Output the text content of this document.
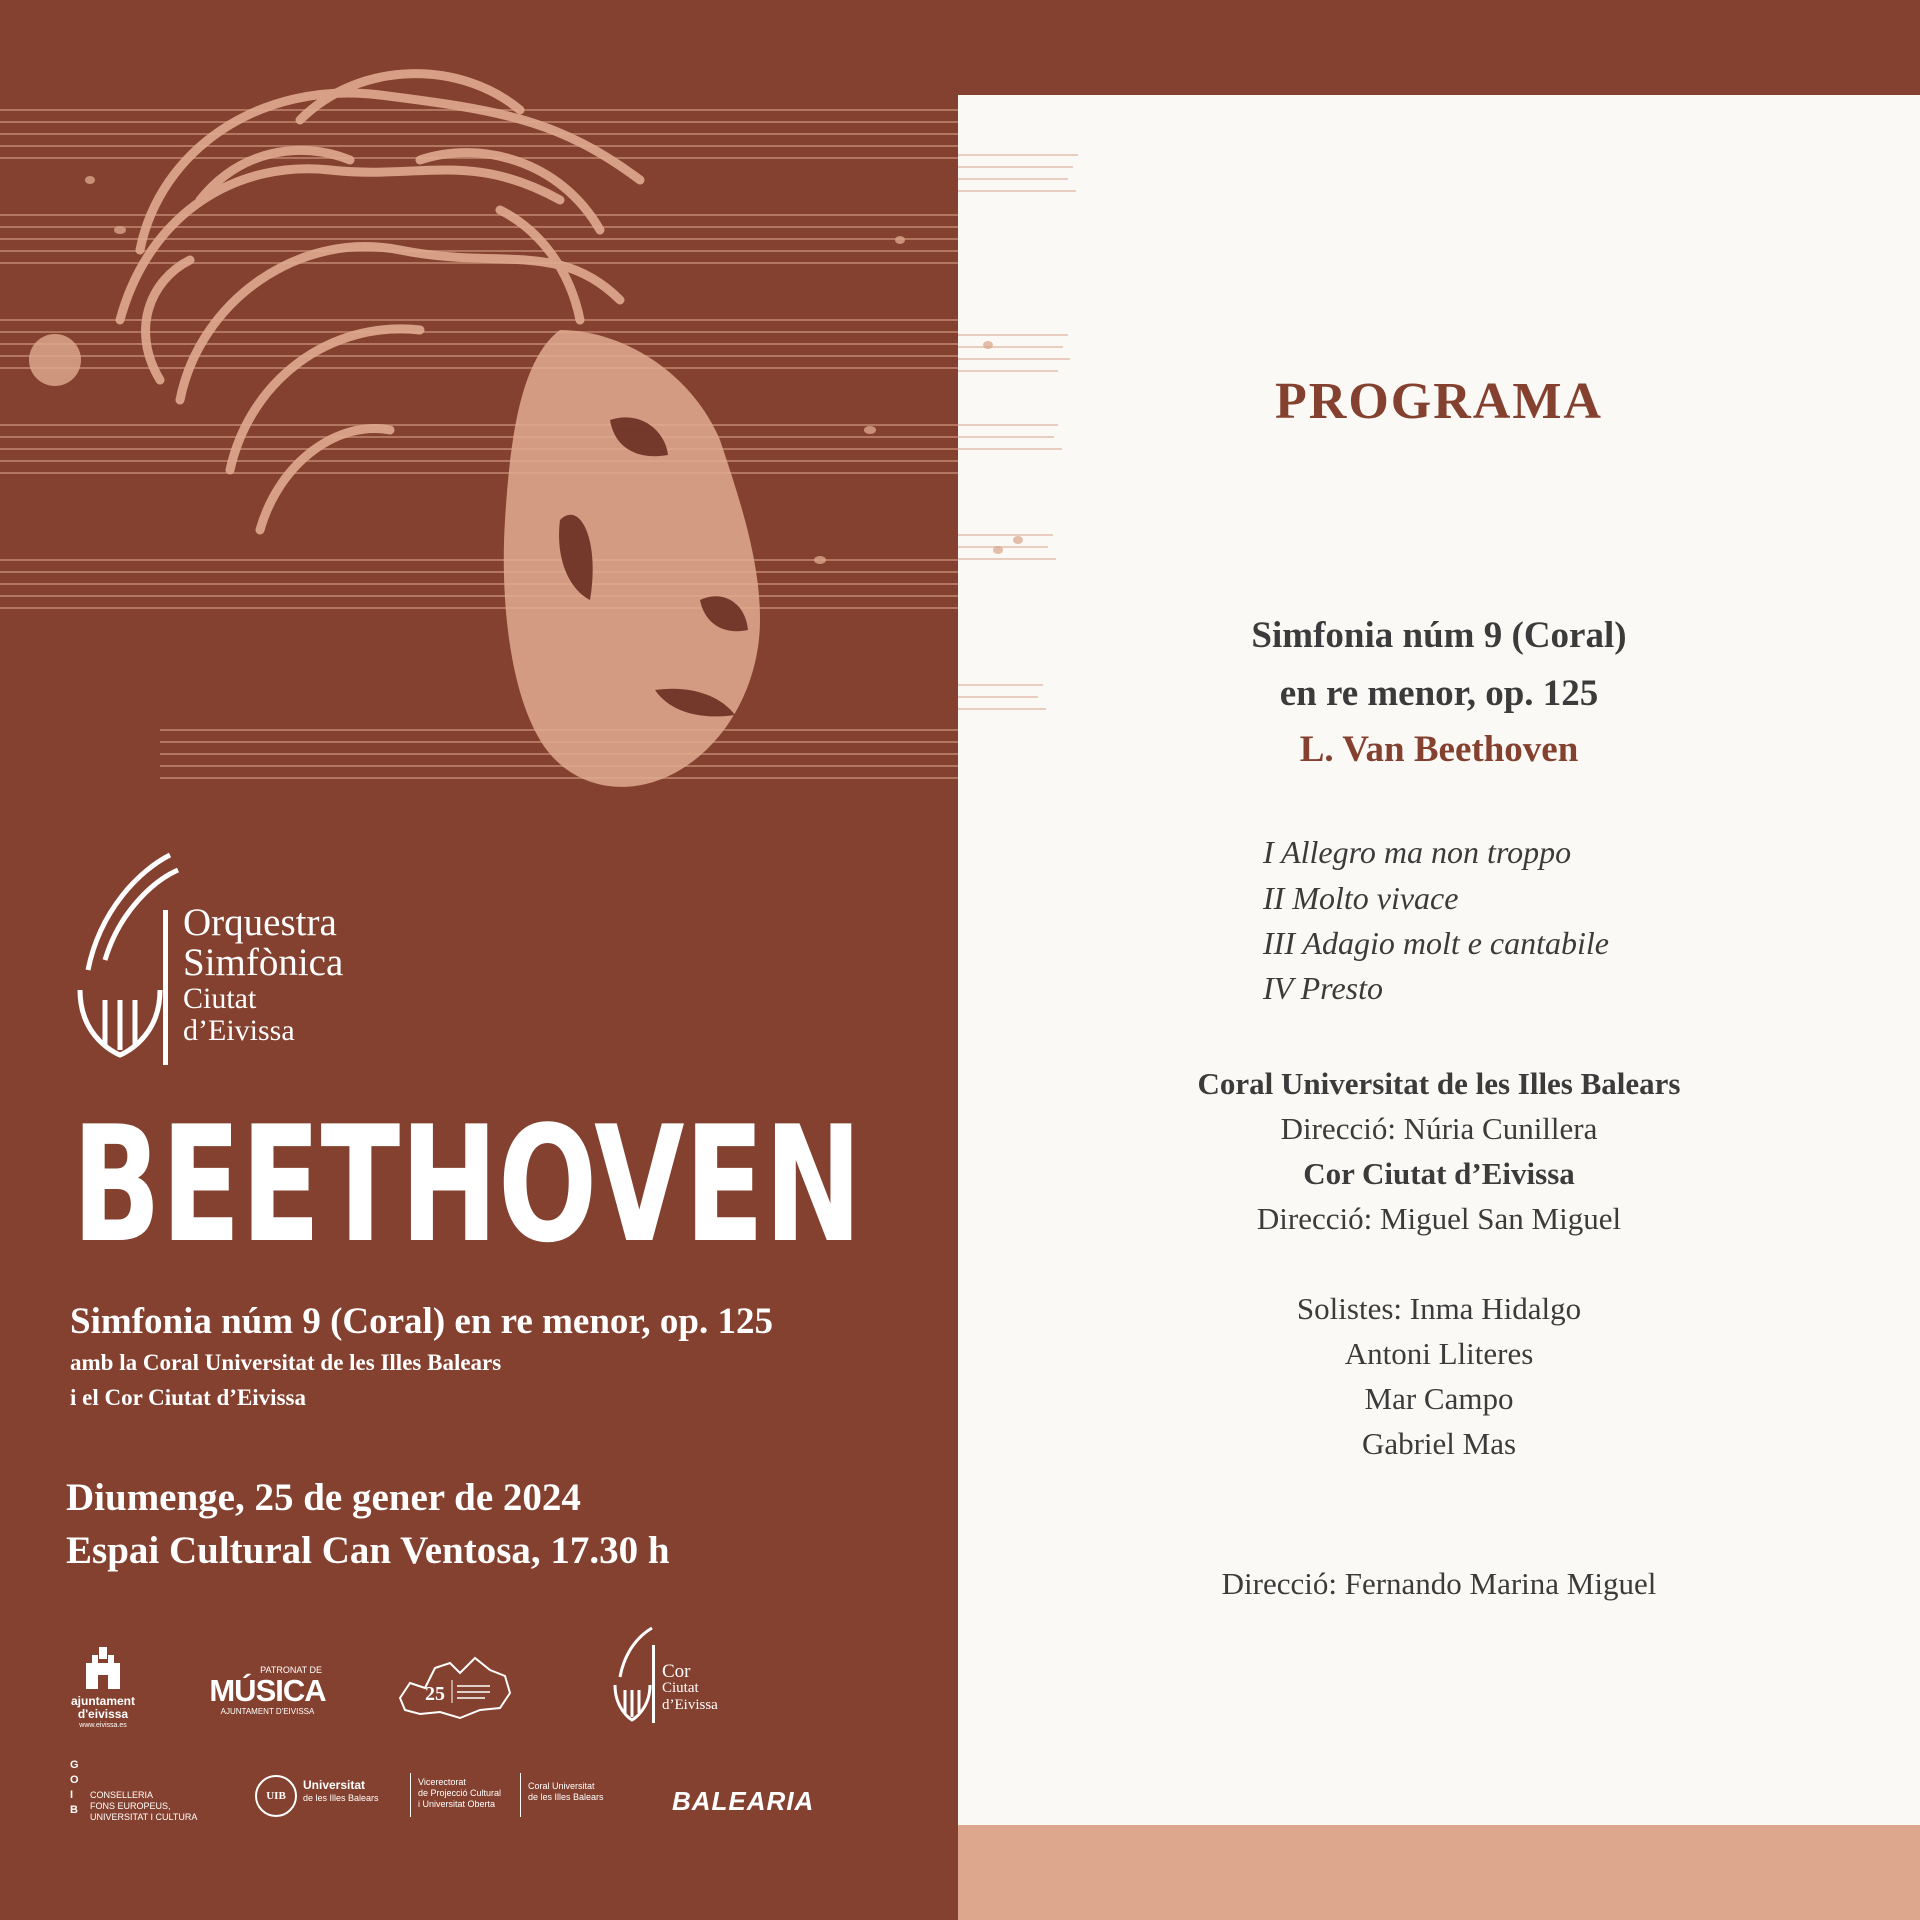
Orquestra
Simfònica
Ciutat
d’Eivissa
BEETHOVEN
Simfonia núm 9 (Coral) en re menor, op. 125
amb la Coral Universitat de les Illes Balears
i el Cor Ciutat d’Eivissa
Diumenge, 25 de gener de 2024
Espai Cultural Can Ventosa, 17.30 h
ajuntament
d'eivissa
www.eivissa.es
PATRONAT DE
MÚSICA
AJUNTAMENT D'EIVISSA
25
Cor
Ciutat
d’Eivissa
G O I B
CONSELLERIA
FONS EUROPEUS,
UNIVERSITAT I CULTURA
UIB
Universitat
de les Illes Balears
Vicerectorat
de Projecció Cultural
i Universitat Oberta
Coral Universitat
de les Illes Balears	BALEARIA
PROGRAMA
Simfonia núm 9 (Coral)
en re menor, op. 125
L. Van Beethoven
I Allegro ma non troppo
II Molto vivace
III Adagio molt e cantabile
IV Presto
Coral Universitat de les Illes Balears
Direcció: Núria Cunillera
Cor Ciutat d’Eivissa
Direcció: Miguel San Miguel
Solistes: Inma Hidalgo
Antoni Lliteres
Mar Campo
Gabriel Mas
Direcció: Fernando Marina Miguel
